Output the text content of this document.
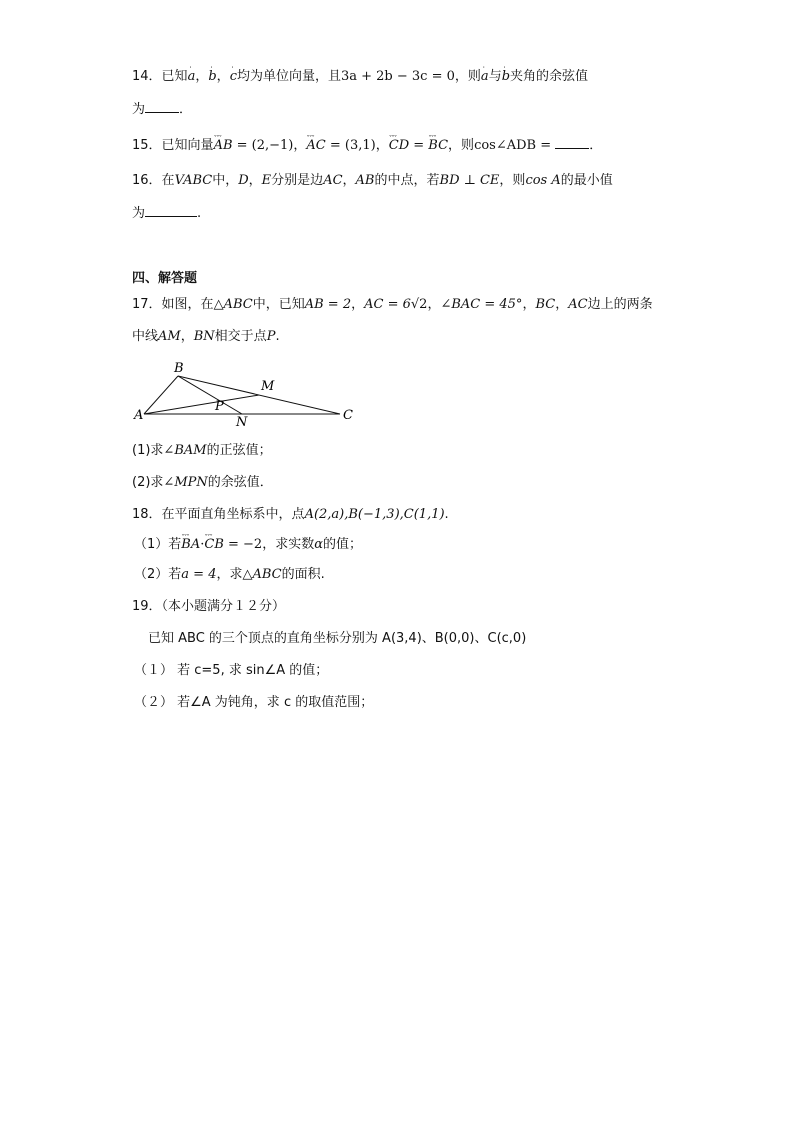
14．已知ˈ a，ˈ b，ˈ c均为单位向量，且3a + 2b − 3c = 0，则ˈ a与ˈ b夹角的余弦值
为	．
15．已知向量ˇˇˇ AB = (2,−1)，ˇˇˇ AC = (3,1)，ˇˇˇ CD = ˇˇˇ BC，则cos∠ADB =	．
16．在VABC中，D，E分别是边AC，AB的中点，若BD ⊥ CE，则cos A的最小值
为	.
四、解答题
17．如图，在△ABC中，已知AB = 2，AC = 6√2，∠BAC = 45°，BC，AC边上的两条
中线AM，BN相交于点P.
A
B
C
M
N
P
(1)求∠BAM的正弦值；
(2)求∠MPN的余弦值．
18．在平面直角坐标系中，点A(2,a),B(−1,3),C(1,1).
（1）若ˇˇˇ BA·ˇˇˇ CB = −2，求实数α的值；
（2）若a = 4，求△ABC的面积.
19．（本小题满分１２分）
已知 ABC 的三个顶点的直角坐标分别为 A(3,4)、B(0,0)、C(c,0)
（１） 若 c=5, 求 sin∠A 的值；
（２） 若∠A 为钝角，求 c 的取值范围；
